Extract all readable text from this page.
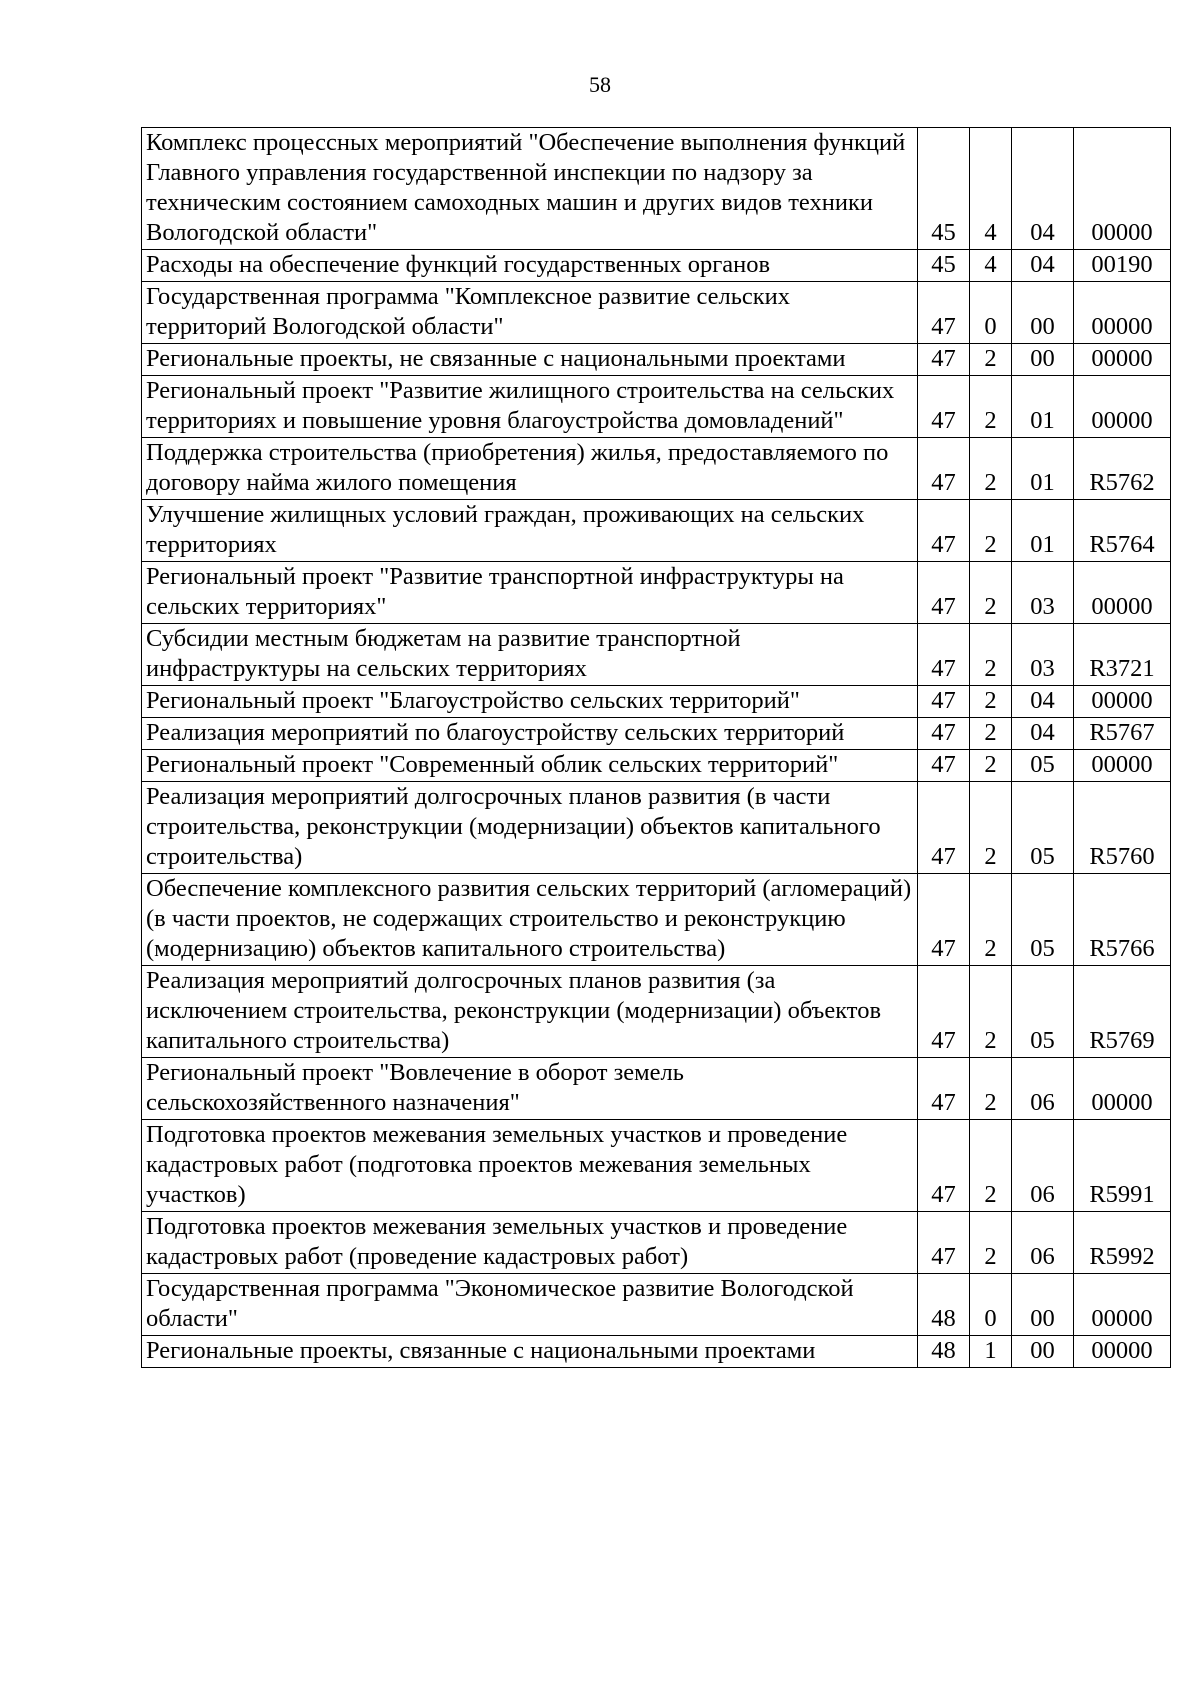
58
Комплекс процессных мероприятий "Обеспечение выполнения функций Главного управления государственной инспекции по надзору за техническим состоянием самоходных машин и других видов техники Вологодской области"	45	4	04	00000
Расходы на обеспечение функций государственных органов	45	4	04	00190
Государственная программа "Комплексное развитие сельских территорий Вологодской области"	47	0	00	00000
Региональные проекты, не связанные с национальными проектами	47	2	00	00000
Региональный проект "Развитие жилищного строительства на сельских территориях и повышение уровня благоустройства домовладений"	47	2	01	00000
Поддержка строительства (приобретения) жилья, предоставляемого по договору найма жилого помещения	47	2	01	R5762
Улучшение жилищных условий граждан, проживающих на сельских территориях	47	2	01	R5764
Региональный проект "Развитие транспортной инфраструктуры на сельских территориях"	47	2	03	00000
Субсидии местным бюджетам на развитие транспортной инфраструктуры на сельских территориях	47	2	03	R3721
Региональный проект "Благоустройство сельских территорий"	47	2	04	00000
Реализация мероприятий по благоустройству сельских территорий	47	2	04	R5767
Региональный проект "Современный облик сельских территорий"	47	2	05	00000
Реализация мероприятий долгосрочных планов развития (в части строительства, реконструкции (модернизации) объектов капитального строительства)	47	2	05	R5760
Обеспечение комплексного развития сельских территорий (агломераций) (в части проектов, не содержащих строительство и реконструкцию (модернизацию) объектов капитального строительства)	47	2	05	R5766
Реализация мероприятий долгосрочных планов развития (за исключением строительства, реконструкции (модернизации) объектов капитального строительства)	47	2	05	R5769
Региональный проект "Вовлечение в оборот земель сельскохозяйственного назначения"	47	2	06	00000
Подготовка проектов межевания земельных участков и проведение кадастровых работ (подготовка проектов межевания земельных участков)	47	2	06	R5991
Подготовка проектов межевания земельных участков и проведение кадастровых работ (проведение кадастровых работ)	47	2	06	R5992
Государственная программа "Экономическое развитие Вологодской области"	48	0	00	00000
Региональные проекты, связанные с национальными проектами	48	1	00	00000
